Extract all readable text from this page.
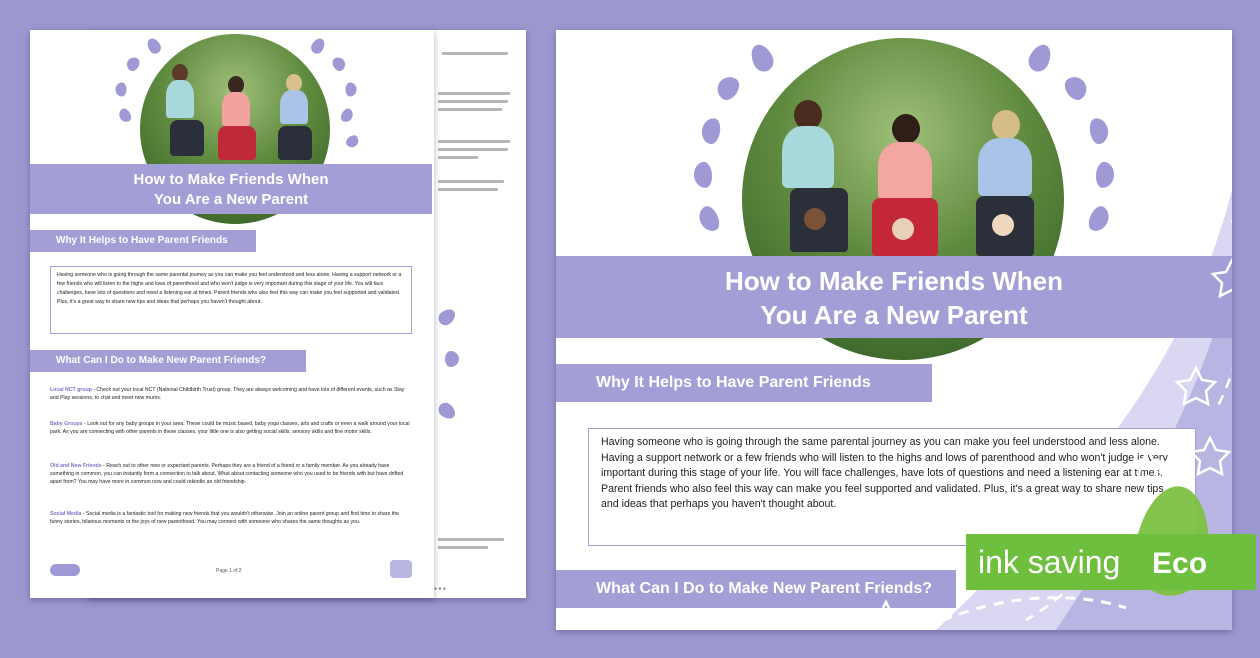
● ● ●
How to Make Friends When
You Are a New Parent
Why It Helps to Have Parent Friends
Having someone who is going through the same parental journey as you can make you feel understood and less alone. Having a support network or a few friends who will listen to the highs and lows of parenthood and who won't judge is very important during this stage of your life. You will face challenges, have lots of questions and need a listening ear at times. Parent friends who also feel this way can make you feel supported and validated. Plus, it's a great way to share new tips and ideas that perhaps you haven't thought about.
What Can I Do to Make New Parent Friends?
Local NCT group - Check out your local NCT (National Childbirth Trust) group. They are always welcoming and have lots of different events, such as Stay and Play sessions, to chat and meet new mums.
Baby Groups - Look out for any baby groups in your area. These could be music based, baby yoga classes, arts and crafts or even a walk around your local park. As you are connecting with other parents in these classes, your little one is also getting social skills, sensory skills and fine motor skills.
Old and New Friends - Reach out to other new or expectant parents. Perhaps they are a friend of a friend or a family member. As you already have something in common, you can instantly form a connection to talk about. What about contacting someone who you used to be friends with but have drifted apart from? You may have more in common now and could rekindle an old friendship.
Social Media - Social media is a fantastic tool for making new friends that you wouldn't otherwise. Join an online parent group and find time to share the funny stories, hilarious moments or the joys of new parenthood. You may connect with someone who shares the same thoughts as you.
Page 1 of 2
How to Make Friends When
You Are a New Parent
Why It Helps to Have Parent Friends
Having someone who is going through the same parental journey as you can make you feel understood and less alone. Having a support network or a few friends who will listen to the highs and lows of parenthood and who won't judge is very important during this stage of your life. You will face challenges, have lots of questions and need a listening ear at times. Parent friends who also feel this way can make you feel supported and validated. Plus, it's a great way to share new tips and ideas that perhaps you haven't thought about.
What Can I Do to Make New Parent Friends?
ink saving Eco
